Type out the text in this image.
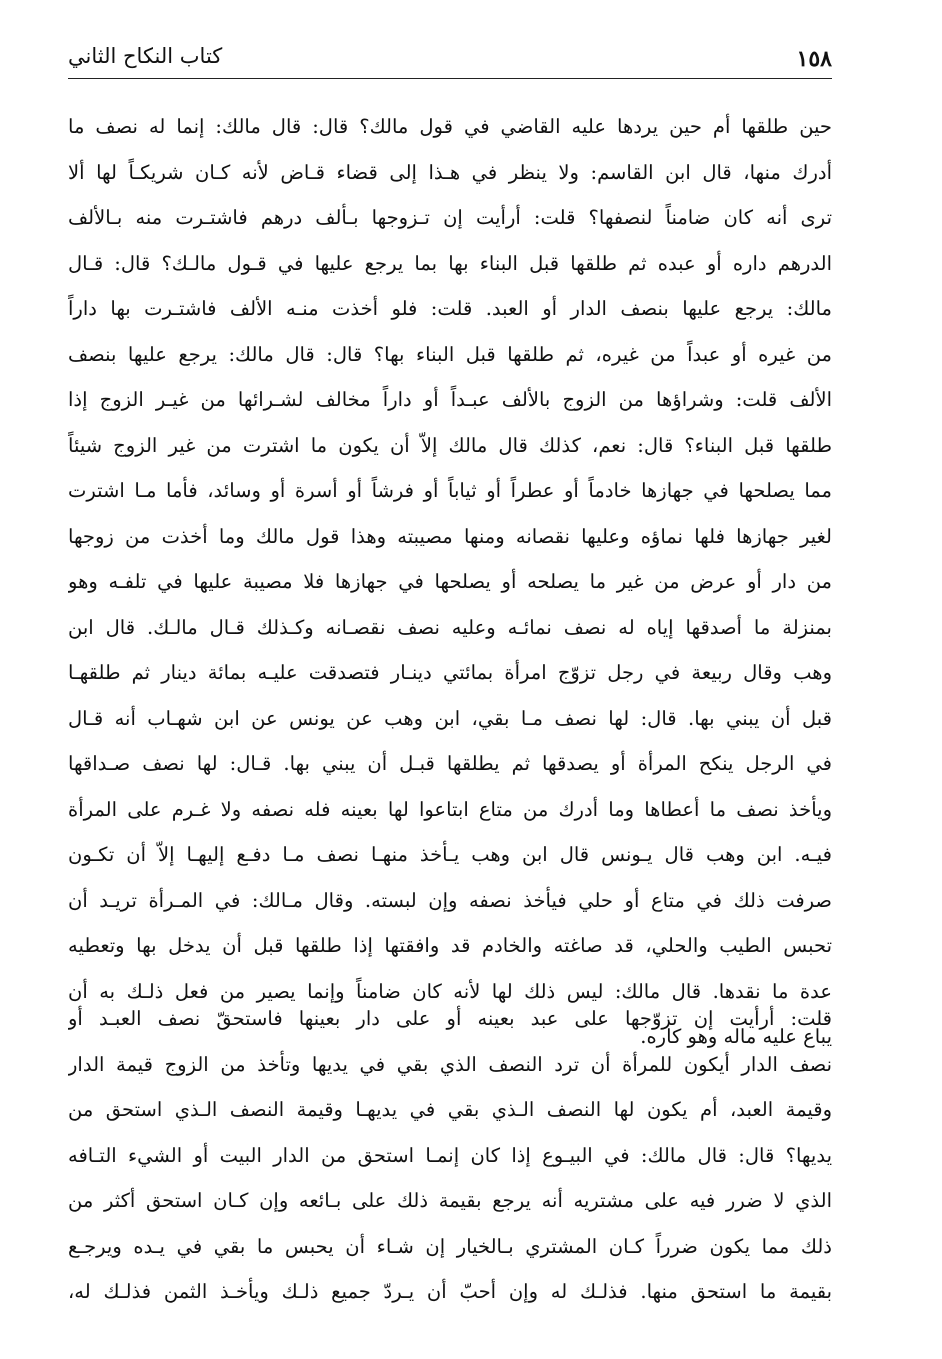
كتاب النكاح الثاني	١٥٨
حين طلقها أم حين يردها عليه القاضي في قول مالك؟ قال: قال مالك: إنما له نصف ما
أدرك منها، قال ابن القاسم: ولا ينظر في هـذا إلى قضاء قـاض لأنه كـان شريكـاً لها ألا
ترى أنه كان ضامناً لنصفها؟ قلت: أرأيت إن تـزوجها بـألف درهم فاشتـرت منه بـالألف
الدرهم داره أو عبده ثم طلقها قبل البناء بها بما يرجع عليها في قـول مالـك؟ قال: قـال
مالك: يرجع عليها بنصف الدار أو العبد. قلت: فلو أخذت منـه الألف فاشتـرت بها داراً
من غيره أو عبداً من غيره، ثم طلقها قبل البناء بها؟ قال: قال مالك: يرجع عليها بنصف
الألف قلت: وشراؤها من الزوج بالألف عبـداً أو داراً مخالف لشـرائها من غيـر الزوج إذا
طلقها قبل البناء؟ قال: نعم، كذلك قال مالك إلاّ أن يكون ما اشترت من غير الزوج شيئاً
مما يصلحها في جهازها خادماً أو عطراً أو ثياباً أو فرشاً أو أسرة أو وسائد، فأما مـا اشترت
لغير جهازها فلها نماؤه وعليها نقصانه ومنها مصيبته وهذا قول مالك وما أخذت من زوجها
من دار أو عرض من غير ما يصلحه أو يصلحها في جهازها فلا مصيبة عليها في تلفـه وهو
بمنزلة ما أصدقها إياه له نصف نمائـه وعليه نصف نقصـانه وكـذلك قـال مالـك. قال ابن
وهب وقال ربيعة في رجل تزوّج امرأة بمائتي دينـار فتصدقت عليـه بمائة دينار ثم طلقهـا
قبل أن يبني بها. قال: لها نصف مـا بقي، ابن وهب عن يونس عن ابن شهـاب أنه قـال
في الرجل ينكح المرأة أو يصدقها ثم يطلقها قبـل أن يبني بها. قـال: لها نصف صـداقها
ويأخذ نصف ما أعطاها وما أدرك من متاع ابتاعوا لها بعينه فله نصفه ولا غـرم على المرأة
فيـه. ابن وهب قال يـونس قال ابن وهب يـأخذ منهـا نصف مـا دفـع إليهـا إلاّ أن تكـون
صرفت ذلك في متاع أو حلي فيأخذ نصفه وإن لبسته. وقال مـالك: في المـرأة تريـد أن
تحبس الطيب والحلي، قد صاغته والخادم قد وافقتها إذا طلقها قبل أن يدخل بها وتعطيه
عدة ما نقدها. قال مالك: ليس ذلك لها لأنه كان ضامناً وإنما يصير من فعل ذلـك به أن
يباع عليه ماله وهو كاره.
قلت: أرأيت إن تزوّجها على عبد بعينه أو على دار بعينها فاستحقّ نصف العبـد أو
نصف الدار أيكون للمرأة أن ترد النصف الذي بقي في يديها وتأخذ من الزوج قيمة الدار
وقيمة العبد، أم يكون لها النصف الـذي بقي في يديهـا وقيمة النصف الـذي استحق من
يديها؟ قال: قال مالك: في البيـوع إذا كان إنمـا استحق من الدار البيت أو الشيء التـافه
الذي لا ضرر فيه على مشتريه أنه يرجع بقيمة ذلك على بـائعه وإن كـان استحق أكثر من
ذلك مما يكون ضرراً كـان المشتري بـالخيار إن شـاء أن يحبس ما بقي في يـده ويرجـع
بقيمة ما استحق منها. فذلـك له وإن أحبّ أن يـردّ جميع ذلـك ويأخـذ الثمن فذلـك له،
